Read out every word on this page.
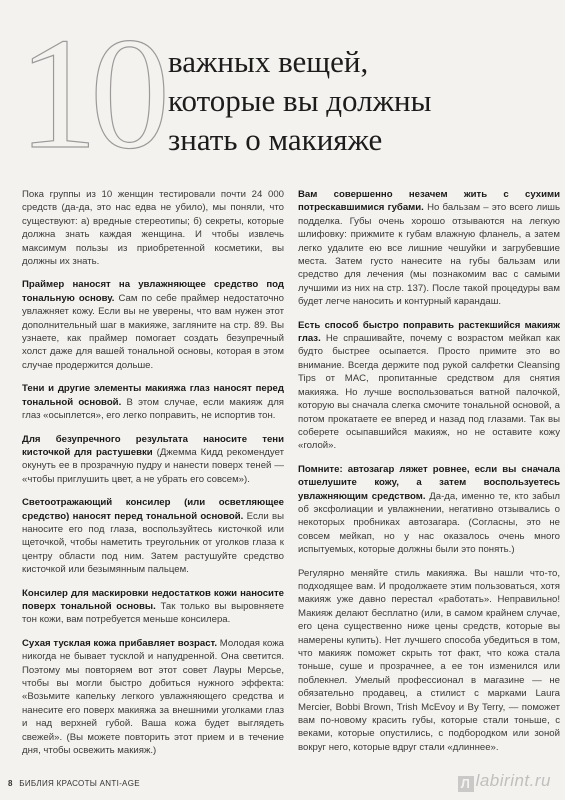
10 важных вещей,
которые вы должны
знать о макияже

Пока группы из 10 женщин тестировали почти 24 000 средств (да-да, это нас едва не убило), мы поняли, что существуют: а) вредные стереотипы; б) секреты, которые должна знать каждая женщина. И чтобы извлечь максимум пользы из приобретенной косметики, вы должны их знать.

Праймер наносят на увлажняющее средство под тональную основу. Сам по себе праймер недостаточно увлажняет кожу. Если вы не уверены, что вам нужен этот дополнительный шаг в макияже, загляните на стр. 89. Вы узнаете, как праймер помогает создать безупречный холст даже для вашей тональной основы, которая в этом случае продержится дольше.

Тени и другие элементы макияжа глаз наносят перед тональной основой. В этом случае, если макияж для глаз «осыплется», его легко поправить, не испортив тон.

Для безупречного результата наносите тени кисточкой для растушевки (Джемма Кидд рекомендует окунуть ее в прозрачную пудру и нанести поверх теней — «чтобы приглушить цвет, а не убрать его совсем»).

Светоотражающий консилер (или осветляющее средство) наносят перед тональной основой. Если вы наносите его под глаза, воспользуйтесь кисточкой или щеточкой, чтобы наметить треугольник от уголков глаза к центру области под ним. Затем растушуйте средство кисточкой или безымянным пальцем.

Консилер для маскировки недостатков кожи наносите поверх тональной основы. Так только вы выровняете тон кожи, вам потребуется меньше консилера.

Сухая тусклая кожа прибавляет возраст. Молодая кожа никогда не бывает тусклой и напудренной. Она светится. Поэтому мы повторяем вот этот совет Лауры Мерсье, чтобы вы могли быстро добиться нужного эффекта: «Возьмите капельку легкого увлажняющего средства и нанесите его поверх макияжа за внешними уголками глаз и над верхней губой. Ваша кожа будет выглядеть свежей». (Вы можете повторить этот прием и в течение дня, чтобы освежить макияж.)

Вам совершенно незачем жить с сухими потрескавшимися губами. Но бальзам – это всего лишь подделка. Губы очень хорошо отзываются на легкую шлифовку: прижмите к губам влажную фланель, а затем легко удалите ею все лишние чешуйки и загрубевшие места. Затем густо нанесите на губы бальзам или средство для лечения (мы познакомим вас с самыми лучшими из них на стр. 137). После такой процедуры вам будет легче наносить и контурный карандаш.

Есть способ быстро поправить растекшийся макияж глаз. Не спрашивайте, почему с возрастом мейкап как будто быстрее осыпается. Просто примите это во внимание. Всегда держите под рукой салфетки Cleansing Tips от MAC, пропитанные средством для снятия макияжа. Но лучше воспользоваться ватной палочкой, которую вы сначала слегка смочите тональной основой, а потом прокатаете ее вперед и назад под глазами. Так вы соберете осыпавшийся макияж, но не оставите кожу «голой».

Помните: автозагар ляжет ровнее, если вы сначала отшелушите кожу, а затем воспользуетесь увлажняющим средством. Да-да, именно те, кто забыл об эксфолиации и увлажнении, негативно отзывались о некоторых пробниках автозагара. (Согласны, это не совсем мейкап, но у нас оказалось очень много испытуемых, которые должны были это понять.)

Регулярно меняйте стиль макияжа. Вы нашли что-то, подходящее вам. И продолжаете этим пользоваться, хотя макияж уже давно перестал «работать». Неправильно! Макияж делают бесплатно (или, в самом крайнем случае, его цена существенно ниже цены средств, которые вы намерены купить). Нет лучшего способа убедиться в том, что макияж поможет скрыть тот факт, что кожа стала тоньше, суше и прозрачнее, а ее тон изменился или поблекнел. Умелый профессионал в магазине — не обязательно продавец, а стилист с марками Laura Mercier, Bobbi Brown, Trish McEvoy и By Terry, — поможет вам по-новому красить губы, которые стали тоньше, с веками, которые опустились, с подбородком или зоной вокруг него, которые вдруг стали «длиннее».

8 БИБЛИЯ КРАСОТЫ ANTI-AGE	Л labirint.ru
